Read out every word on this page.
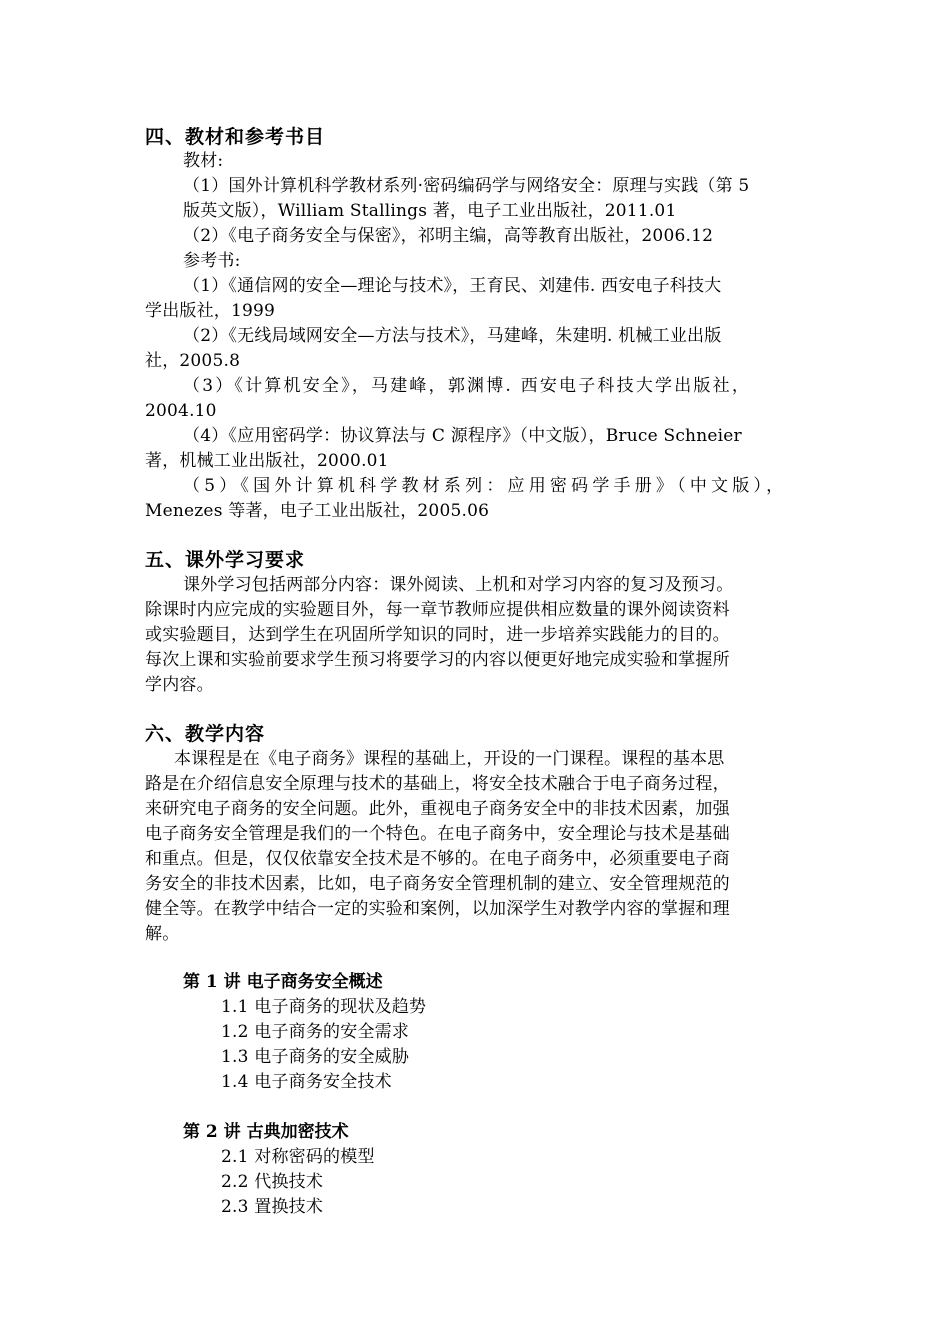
四、教材和参考书目
教材:
（1）国外计算机科学教材系列·密码编码学与网络安全：原理与实践（第 5
版英文版），William Stallings 著，电子工业出版社，2011.01
（2）《电子商务安全与保密》，祁明主编，高等教育出版社，2006.12
参考书:
（1）《通信网的安全—理论与技术》，王育民、刘建伟. 西安电子科技大
学出版社，1999
（2）《无线局域网安全—方法与技术》，马建峰，朱建明. 机械工业出版
社，2005.8
（3）《计算机安全》，马建峰，郭渊博. 西安电子科技大学出版社，
2004.10
（4）《应用密码学：协议算法与 C 源程序》（中文版），Bruce Schneier
著，机械工业出版社，2000.01
（5）《国外计算机科学教材系列：应用密码学手册》（中文版），
Menezes 等著，电子工业出版社，2005.06
五、课外学习要求
课外学习包括两部分内容：课外阅读、上机和对学习内容的复习及预习。
除课时内应完成的实验题目外，每一章节教师应提供相应数量的课外阅读资料
或实验题目，达到学生在巩固所学知识的同时，进一步培养实践能力的目的。
每次上课和实验前要求学生预习将要学习的内容以便更好地完成实验和掌握所
学内容。
六、教学内容
本课程是在《电子商务》课程的基础上，开设的一门课程。课程的基本思
路是在介绍信息安全原理与技术的基础上，将安全技术融合于电子商务过程，
来研究电子商务的安全问题。此外，重视电子商务安全中的非技术因素，加强
电子商务安全管理是我们的一个特色。在电子商务中，安全理论与技术是基础
和重点。但是，仅仅依靠安全技术是不够的。在电子商务中，必须重要电子商
务安全的非技术因素，比如，电子商务安全管理机制的建立、安全管理规范的
健全等。在教学中结合一定的实验和案例，以加深学生对教学内容的掌握和理
解。
第 1 讲 电子商务安全概述
1.1 电子商务的现状及趋势
1.2 电子商务的安全需求
1.3 电子商务的安全威胁
1.4 电子商务安全技术
第 2 讲 古典加密技术
2.1 对称密码的模型
2.2 代换技术
2.3 置换技术
